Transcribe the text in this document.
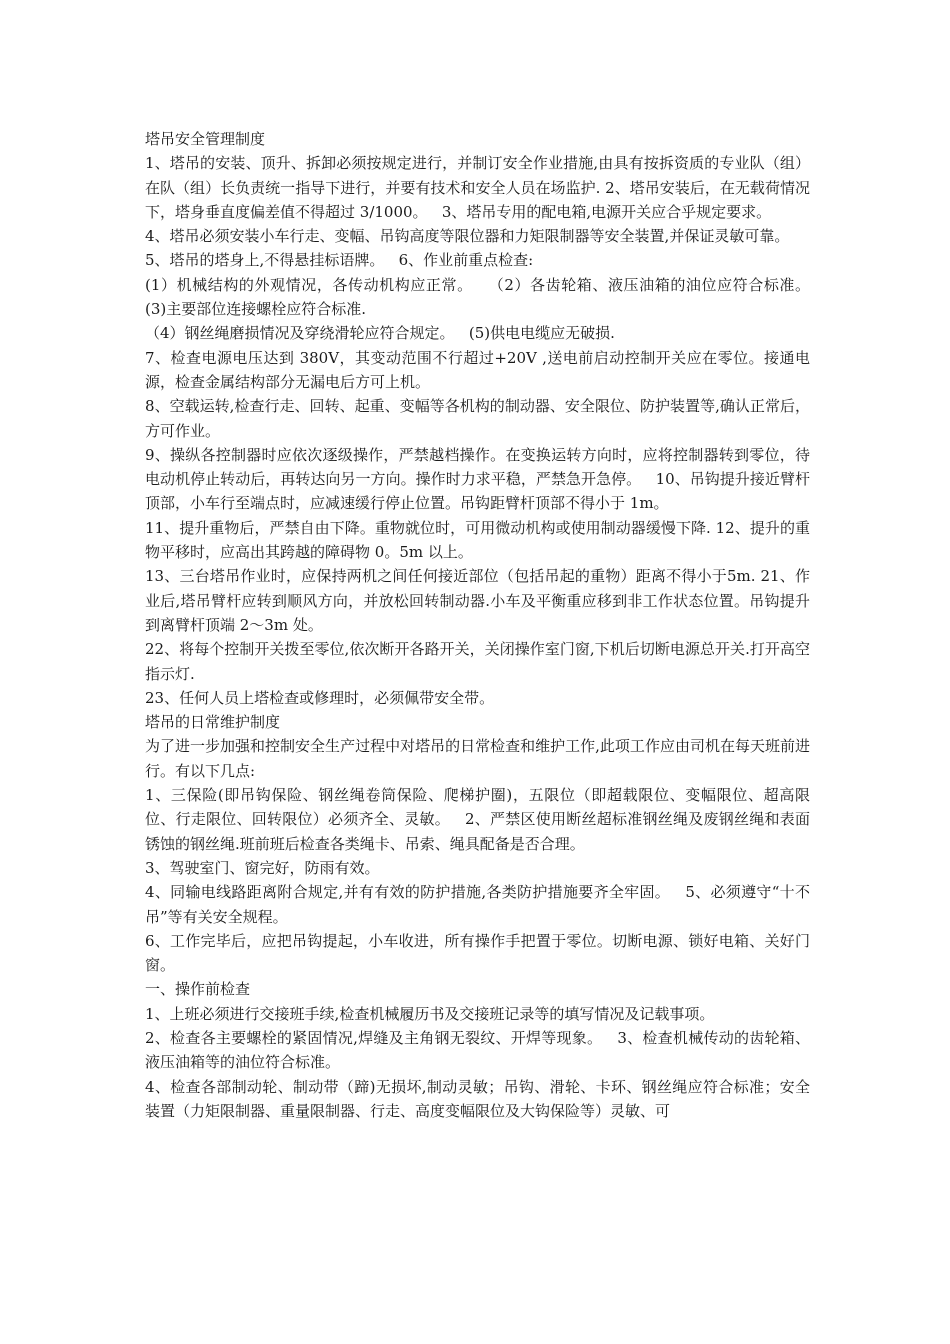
塔吊安全管理制度

1、塔吊的安装、顶升、拆卸必须按规定进行，并制订安全作业措施,由具有按拆资质的专业队（组）在队（组）长负责统一指导下进行，并要有技术和安全人员在场监护. 2、塔吊安装后，在无载荷情况下，塔身垂直度偏差值不得超过 3/1000。   3、塔吊专用的配电箱,电源开关应合乎规定要求。

4、塔吊必须安装小车行走、变幅、吊钩高度等限位器和力矩限制器等安全装置,并保证灵敏可靠。

5、塔吊的塔身上,不得悬挂标语牌。   6、作业前重点检查:

(1）机械结构的外观情况，各传动机构应正常。   （2）各齿轮箱、液压油箱的油位应符合标准。   (3)主要部位连接螺栓应符合标准.

（4）钢丝绳磨损情况及穿绕滑轮应符合规定。   (5)供电电缆应无破损.

7、检查电源电压达到 380V，其变动范围不行超过+20V ,送电前启动控制开关应在零位。接通电源，检查金属结构部分无漏电后方可上机。

8、空载运转,检查行走、回转、起重、变幅等各机构的制动器、安全限位、防护装置等,确认正常后，方可作业。

9、操纵各控制器时应依次逐级操作，严禁越档操作。在变换运转方向时，应将控制器转到零位，待电动机停止转动后，再转达向另一方向。操作时力求平稳，严禁急开急停。   10、吊钩提升接近臂杆顶部，小车行至端点时，应减速缓行停止位置。吊钩距臂杆顶部不得小于 1m。

11、提升重物后，严禁自由下降。重物就位时，可用微动机构或使用制动器缓慢下降. 12、提升的重物平移时，应高出其跨越的障碍物 0。5m 以上。

13、三台塔吊作业时，应保持两机之间任何接近部位（包括吊起的重物）距离不得小于5m. 21、作业后,塔吊臂杆应转到顺风方向，并放松回转制动器.小车及平衡重应移到非工作状态位置。吊钩提升到离臂杆顶端 2～3m 处。

22、将每个控制开关拨至零位,依次断开各路开关，关闭操作室门窗,下机后切断电源总开关.打开高空指示灯.

23、任何人员上塔检查或修理时，必须佩带安全带。

塔吊的日常维护制度

为了进一步加强和控制安全生产过程中对塔吊的日常检查和维护工作,此项工作应由司机在每天班前进行。有以下几点:

1、三保险(即吊钩保险、钢丝绳卷筒保险、爬梯护圈)，五限位（即超载限位、变幅限位、超高限位、行走限位、回转限位）必须齐全、灵敏。   2、严禁区使用断丝超标准钢丝绳及废钢丝绳和表面锈蚀的钢丝绳.班前班后检查各类绳卡、吊索、绳具配备是否合理。

3、驾驶室门、窗完好，防雨有效。

4、同输电线路距离附合规定,并有有效的防护措施,各类防护措施要齐全牢固。   5、必须遵守“十不吊”等有关安全规程。

6、工作完毕后，应把吊钩提起，小车收进，所有操作手把置于零位。切断电源、锁好电箱、关好门窗。

一、操作前检查

1、上班必须进行交接班手续,检查机械履历书及交接班记录等的填写情况及记载事项。

2、检查各主要螺栓的紧固情况,焊缝及主角钢无裂纹、开焊等现象。   3、检查机械传动的齿轮箱、液压油箱等的油位符合标准。

4、检查各部制动轮、制动带（蹄)无损坏,制动灵敏；吊钩、滑轮、卡环、钢丝绳应符合标准；安全装置（力矩限制器、重量限制器、行走、高度变幅限位及大钩保险等）灵敏、可
